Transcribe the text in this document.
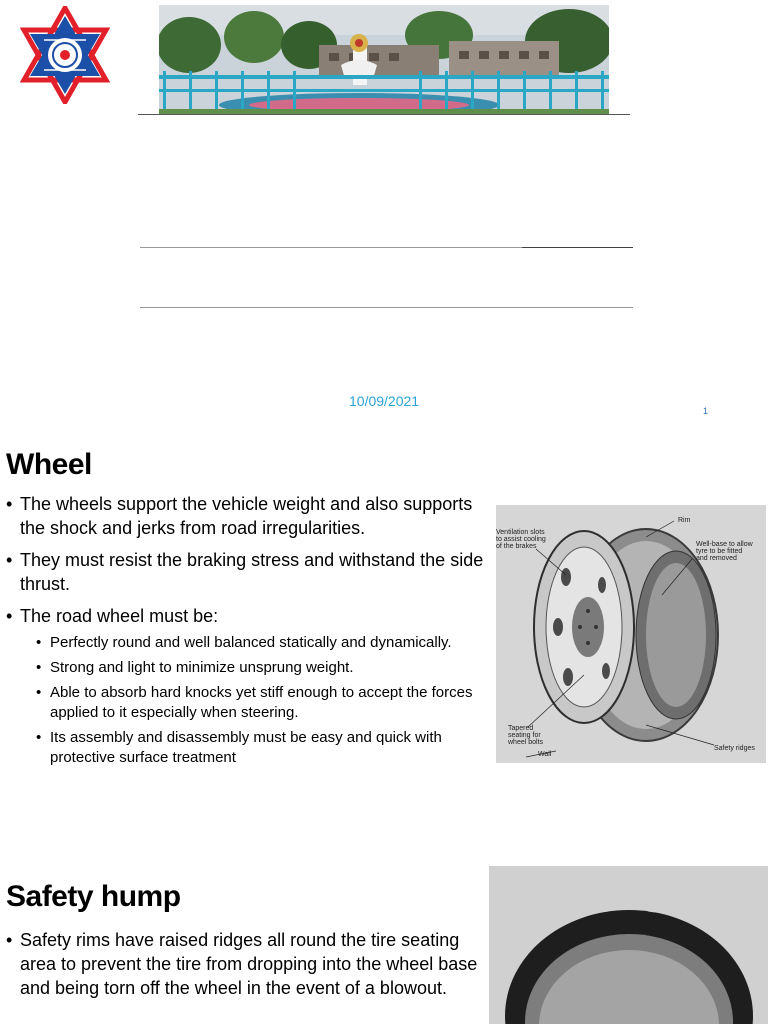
10/09/2021
1
Wheel
• The wheels support the vehicle weight and also supports the shock and jerks from road irregularities.
• They must resist the braking stress and withstand the side thrust.
• The road wheel must be:
• Perfectly round and well balanced statically and dynamically.
• Strong and light to minimize unsprung weight.
• Able to absorb hard knocks yet stiff enough to accept the forces applied to it especially when steering.
• Its assembly and disassembly must be easy and quick with protective surface treatment
Rim
Ventilation slots
to assist cooling
of the brakes	Well-base to allow
tyre to be fitted
and removed
Tapered
seating for
wheel bolts
Wall
Safety ridges
Safety hump
• Safety rims have raised ridges all round the tire seating area to prevent the tire from dropping into the wheel base and being torn off the wheel in the event of a blowout.
